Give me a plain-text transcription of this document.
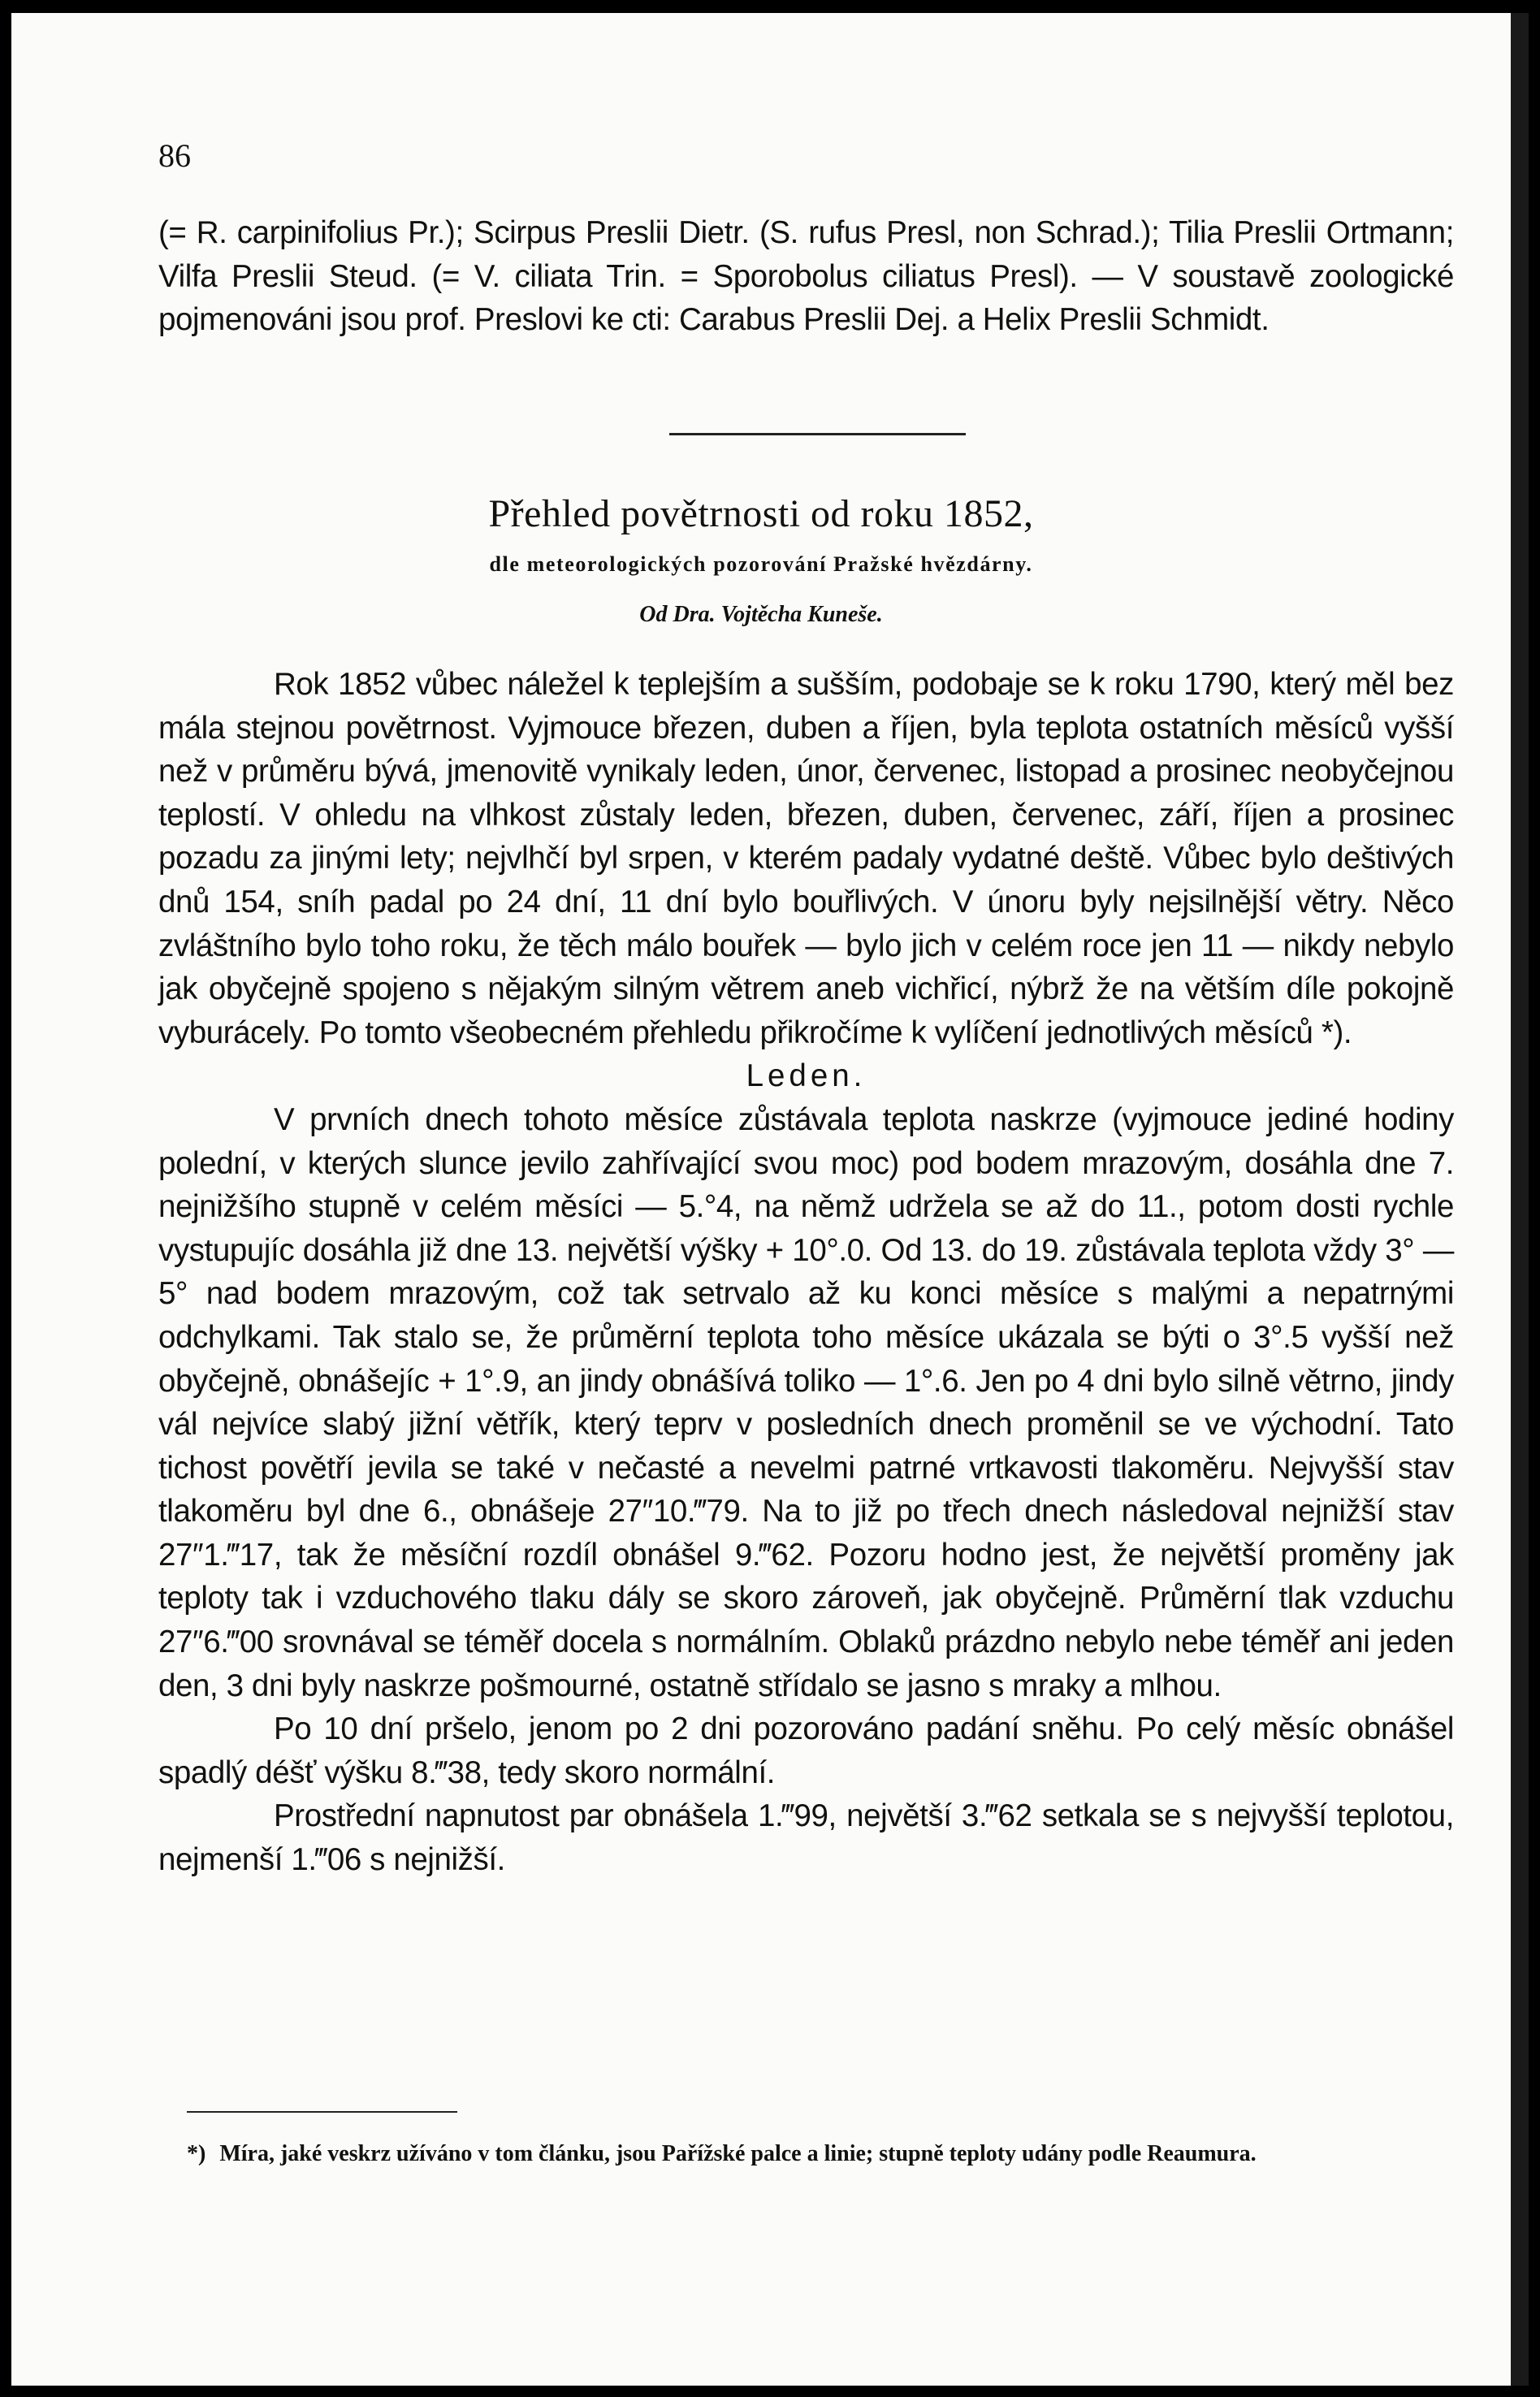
86
(= R. carpinifolius Pr.); Scirpus Preslii Dietr. (S. rufus Presl, non Schrad.); Tilia Preslii Ortmann; Vilfa Preslii Steud. (= V. ciliata Trin. = Sporobolus ciliatus Presl). — V soustavě zoologické pojmenováni jsou prof. Preslovi ke cti: Carabus Preslii Dej. a Helix Preslii Schmidt.
Přehled povětrnosti od roku 1852,
dle meteorologických pozorování Pražské hvězdárny.
Od Dra. Vojtěcha Kuneše.

Rok 1852 vůbec náležel k teplejším a sušším, podobaje se k roku 1790, který měl bez mála stejnou povětrnost. Vyjmouce březen, duben a říjen, byla teplota ostatních měsíců vyšší než v průměru bývá, jmenovitě vynikaly leden, únor, červenec, listopad a prosinec neobyčejnou teplostí. V ohledu na vlhkost zůstaly leden, březen, duben, červenec, září, říjen a prosinec pozadu za jinými lety; nejvlhčí byl srpen, v kterém padaly vydatné deště. Vůbec bylo deštivých dnů 154, sníh padal po 24 dní, 11 dní bylo bouřlivých. V únoru byly nejsilnější větry. Něco zvláštního bylo toho roku, že těch málo bouřek — bylo jich v celém roce jen 11 — nikdy nebylo jak obyčejně spojeno s nějakým silným větrem aneb vichřicí, nýbrž že na větším díle pokojně vyburácely. Po tomto všeobecném přehledu přikročíme k vylíčení jednotlivých měsíců *).

Leden.

V prvních dnech tohoto měsíce zůstávala teplota naskrze (vyjmouce jediné hodiny polední, v kterých slunce jevilo zahřívající svou moc) pod bodem mrazovým, dosáhla dne 7. nejnižšího stupně v celém měsíci — 5.°4, na němž udržela se až do 11., potom dosti rychle vystupujíc dosáhla již dne 13. největší výšky + 10°.0. Od 13. do 19. zůstávala teplota vždy 3° — 5° nad bodem mrazovým, což tak setrvalo až ku konci měsíce s malými a nepatrnými odchylkami. Tak stalo se, že průměrní teplota toho měsíce ukázala se býti o 3°.5 vyšší než obyčejně, obnášejíc + 1°.9, an jindy obnášívá toliko — 1°.6. Jen po 4 dni bylo silně větrno, jindy vál nejvíce slabý jižní větřík, který teprv v posledních dnech proměnil se ve východní. Tato tichost povětří jevila se také v nečasté a nevelmi patrné vrtkavosti tlakoměru. Nejvyšší stav tlakoměru byl dne 6., obnášeje 27″10.‴79. Na to již po třech dnech následoval nejnižší stav 27″1.‴17, tak že měsíční rozdíl obnášel 9.‴62. Pozoru hodno jest, že největší proměny jak teploty tak i vzduchového tlaku dály se skoro zároveň, jak obyčejně. Průměrní tlak vzduchu 27″6.‴00 srovnával se téměř docela s normálním. Oblaků prázdno nebylo nebe téměř ani jeden den, 3 dni byly naskrze pošmourné, ostatně střídalo se jasno s mraky a mlhou.

Po 10 dní pršelo, jenom po 2 dni pozorováno padání sněhu. Po celý měsíc obnášel spadlý déšť výšku 8.‴38, tedy skoro normální.

Prostřední napnutost par obnášela 1.‴99, největší 3.‴62 setkala se s nejvyšší teplotou, nejmenší 1.‴06 s nejnižší.

*) Míra, jaké veskrz užíváno v tom článku, jsou Pařížské palce a linie; stupně teploty udány podle Reaumura.
